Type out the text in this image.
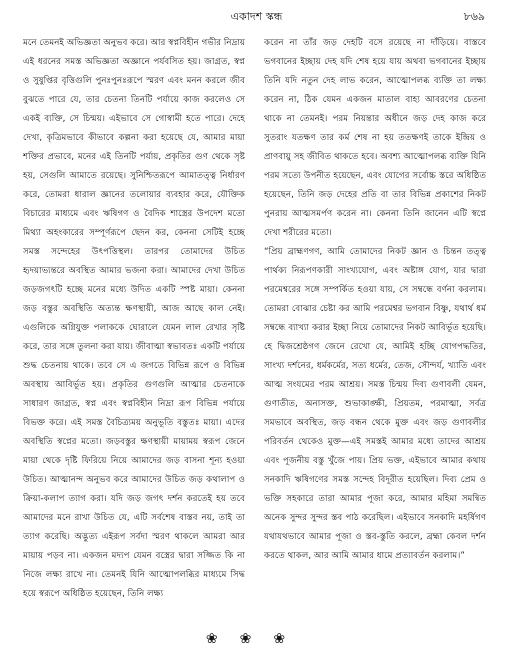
একাদশ স্কন্ধ	৮৬৯

মনে তেমনই অভিজ্ঞতা অনুভব করে। আর স্বপ্নবিহীন গভীর নিদ্রায় এই ধরনের সমস্ত অভিজ্ঞতা অজ্ঞানে পর্যবসিত হয়। জাগ্রত, স্বপ্ন ও সুষুপ্তির বৃত্তিগুলি পুনঃপুনঃরূপে স্মরণ এবং মনন করলে জীব বুঝতে পারে যে, তার চেতনা তিনটি পর্যায়ে কাজ করলেও সে একই ব্যক্তি, সে চিন্ময়। এইভাবে সে গোস্বামী হতে পারে। দেহে দেখা, কৃত্রিমভাবে কীভাবে কল্পনা করা হয়েছে যে, আমার মায়া শক্তির প্রভাবে, মনের এই তিনটি পর্যায়, প্রকৃতির গুণ থেকে সৃষ্ট হয়, সেগুলি আমাতে রয়েছে। সুনিশ্চিতরূপে আমাতত্ত্ব নির্ধারণ করে, তোমরা ধারাল জ্ঞানের তলোয়ার ব্যবহার করে, যৌক্তিক বিচারের মাধ্যমে এবং ঋষিগণ ও বৈদিক শাস্ত্রের উপদেশ মতো মিথ্যা অহংকারের সম্পূর্ণরূপে ছেদন কর, কেননা সেটিই হচ্ছে সমস্ত সন্দেহের উৎপত্তিস্থল। তারপর তোমাদের উচিত হৃদয়াভ্যন্তরে অবস্থিত আমার ভজনা করা। আমাদের দেখা উচিত জড়জগৎটি হচ্ছে মনের মধ্যে উদিত একটি স্পষ্ট মায়া। কেননা জড় বস্তুর অবস্থিতি অত্যন্ত ক্ষণস্থায়ী, আজ আছে কাল নেই। এগুলিকে অগ্নিযুক্ত পলাককে ঘোরালে যেমন লাল রেখার সৃষ্টি করে, তার সঙ্গে তুলনা করা যায়। জীবাত্মা স্বভাবতঃ একটি পর্যায়ে শুদ্ধ চেতনায় থাকে। তবে সে এ জগতে বিভিন্ন রূপে ও বিভিন্ন অবস্থায় আবির্ভূত হয়। প্রকৃতির গুণগুলি আত্মার চেতনাকে সাধারণ জাগ্রত, স্বপ্ন এবং স্বপ্নবিহীন নিদ্রা রূপ বিভিন্ন পর্যায়ে বিভক্ত করে। এই সমস্ত বৈচিত্র্যময় অনুভূতি বস্তুতঃ মায়া। এদের অবস্থিতি স্বপ্নের মতো। জড়বস্তুর ক্ষণস্থায়ী মায়াময় স্বরূপ জেনে মায়া থেকে দৃষ্টি ফিরিয়ে নিয়ে আমাদের জড় বাসনা শূন্য হওয়া উচিত। আত্মানন্দ অনুভব করে আমাদের উচিত জড় কথালাপ ও ক্রিয়া-কলাপ ত্যাগ করা। যদি জড় জগৎ দর্শন করতেই হয় তবে আমাদের মনে রাখা উচিত যে, এটি সর্বশেষ বাস্তব নয়, তাই তা ত্যাগ করেছি। অদ্ভুত্য এইরূপ সর্বদা স্মরণ থাকলে আমরা আর মায়ায় পড়ব না। একজন মদ্যপ যেমন বস্ত্রের দ্বারা সজ্জিত কি না নিজে লক্ষ্য রাখে না। তেমনই যিনি আত্মোপলব্ধির মাধ্যমে সিদ্ধ হয়ে স্বরূপে অধিষ্ঠিত হয়েছেন, তিনি লক্ষ্য

করেন না তাঁর জড় দেহটি বসে রয়েছে না দাঁড়িয়ে। বাস্তবে ভগবানের ইচ্ছায় দেহ যদি শেষ হয়ে যায় অথবা ভগবানের ইচ্ছায় তিনি যদি নতুন দেহ লাভ করেন, আত্মোপলব্ধ ব্যক্তি তা লক্ষ্য করেন না, ঠিক যেমন একজন মাতাল বাহ্য আবরণের চেতনা থাকে না তেমনই। পরম নিয়ন্তার অধীনে জড় দেহ কাজ করে সুতরাং যতক্ষণ তার কর্ম শেষ না হয় ততক্ষণই তাকে ইন্দ্রিয় ও প্রাণবায়ু সহ জীবিত থাকতে হবে। অবশ্য আত্মোপলব্ধ ব্যক্তি যিনি পরম সত্যে উপনীত হয়েছেন, এবং যোগের সর্বোচ্চ স্তরে অধিষ্ঠিত হয়েছেন, তিনি জড় দেহের প্রতি বা তার বিভিন্ন প্রকাশের নিকট পুনরায় আত্মসমর্পণ করেন না। কেননা তিনি জানেন এটি স্বপ্নে দেখা শরীরের মতো।

“প্রিয় ব্রাহ্মণগণ, আমি তোমাদের নিকট জ্ঞান ও চিন্তন তত্ত্ব পার্থক্য নিরূপণকারী সাংখ্যযোগ, এবং অষ্টাঙ্গ যোগ, যার দ্বারা পরমেশ্বরের সঙ্গে সম্পর্কিত হওয়া যায়, সে সম্বন্ধে বর্ণনা করলাম। তোমরা বোঝার চেষ্টা কর আমি পরমেশ্বর ভগবান বিষ্ণু, যথার্থ ধর্ম সম্বন্ধে ব্যাখ্যা করার ইচ্ছা নিয়ে তোমাদের নিকট আবির্ভূত হয়েছি। হে দ্বিজশ্রেষ্ঠগণ জেনে রেখো যে, আমিই হচ্ছি যোগপদ্ধতির, সাংখ্য দর্শনের, ধর্মকর্মের, সত্য ধর্মের, তেজ, সৌন্দর্য, খ্যাতি এবং আত্ম সংযমের পরম আশ্রয়। সমস্ত চিন্ময় দিব্য গুণাবলী যেমন, গুণাতীত, অনাসক্ত, শুভাকাঙ্ক্ষী, প্রিয়তম, পরমাত্মা, সর্বত্র সমভাবে অবস্থিত, জড় বন্ধন থেকে মুক্ত এবং জড় গুণাবলীর পরিবর্তন থেকেও মুক্ত—এই সমস্তই আমার মধ্যে তাদের আশ্রয় এবং পূজনীয় বস্তু খুঁজে পায়। প্রিয় ভক্ত, এইভাবে আমার কথায় সনকাদি ঋষিগণের সমস্ত সন্দেহ বিদূরীত হয়েছিল। দিব্য প্রেম ও ভক্তি সহকারে তারা আমার পূজা করে, আমার মহিমা সমন্বিত অনেক সুন্দর সুন্দর স্তব পাঠ করেছিল। এইভাবে সনকাদি মহর্ষিগণ যথাযথভাবে আমার পূজা ও স্তব-স্তুতি করলে, ব্রহ্মা কেবল দর্শন করতে থাকল, আর আমি আমার ধামে প্রত্যাবর্তন করলাম।”

❀❀❀
